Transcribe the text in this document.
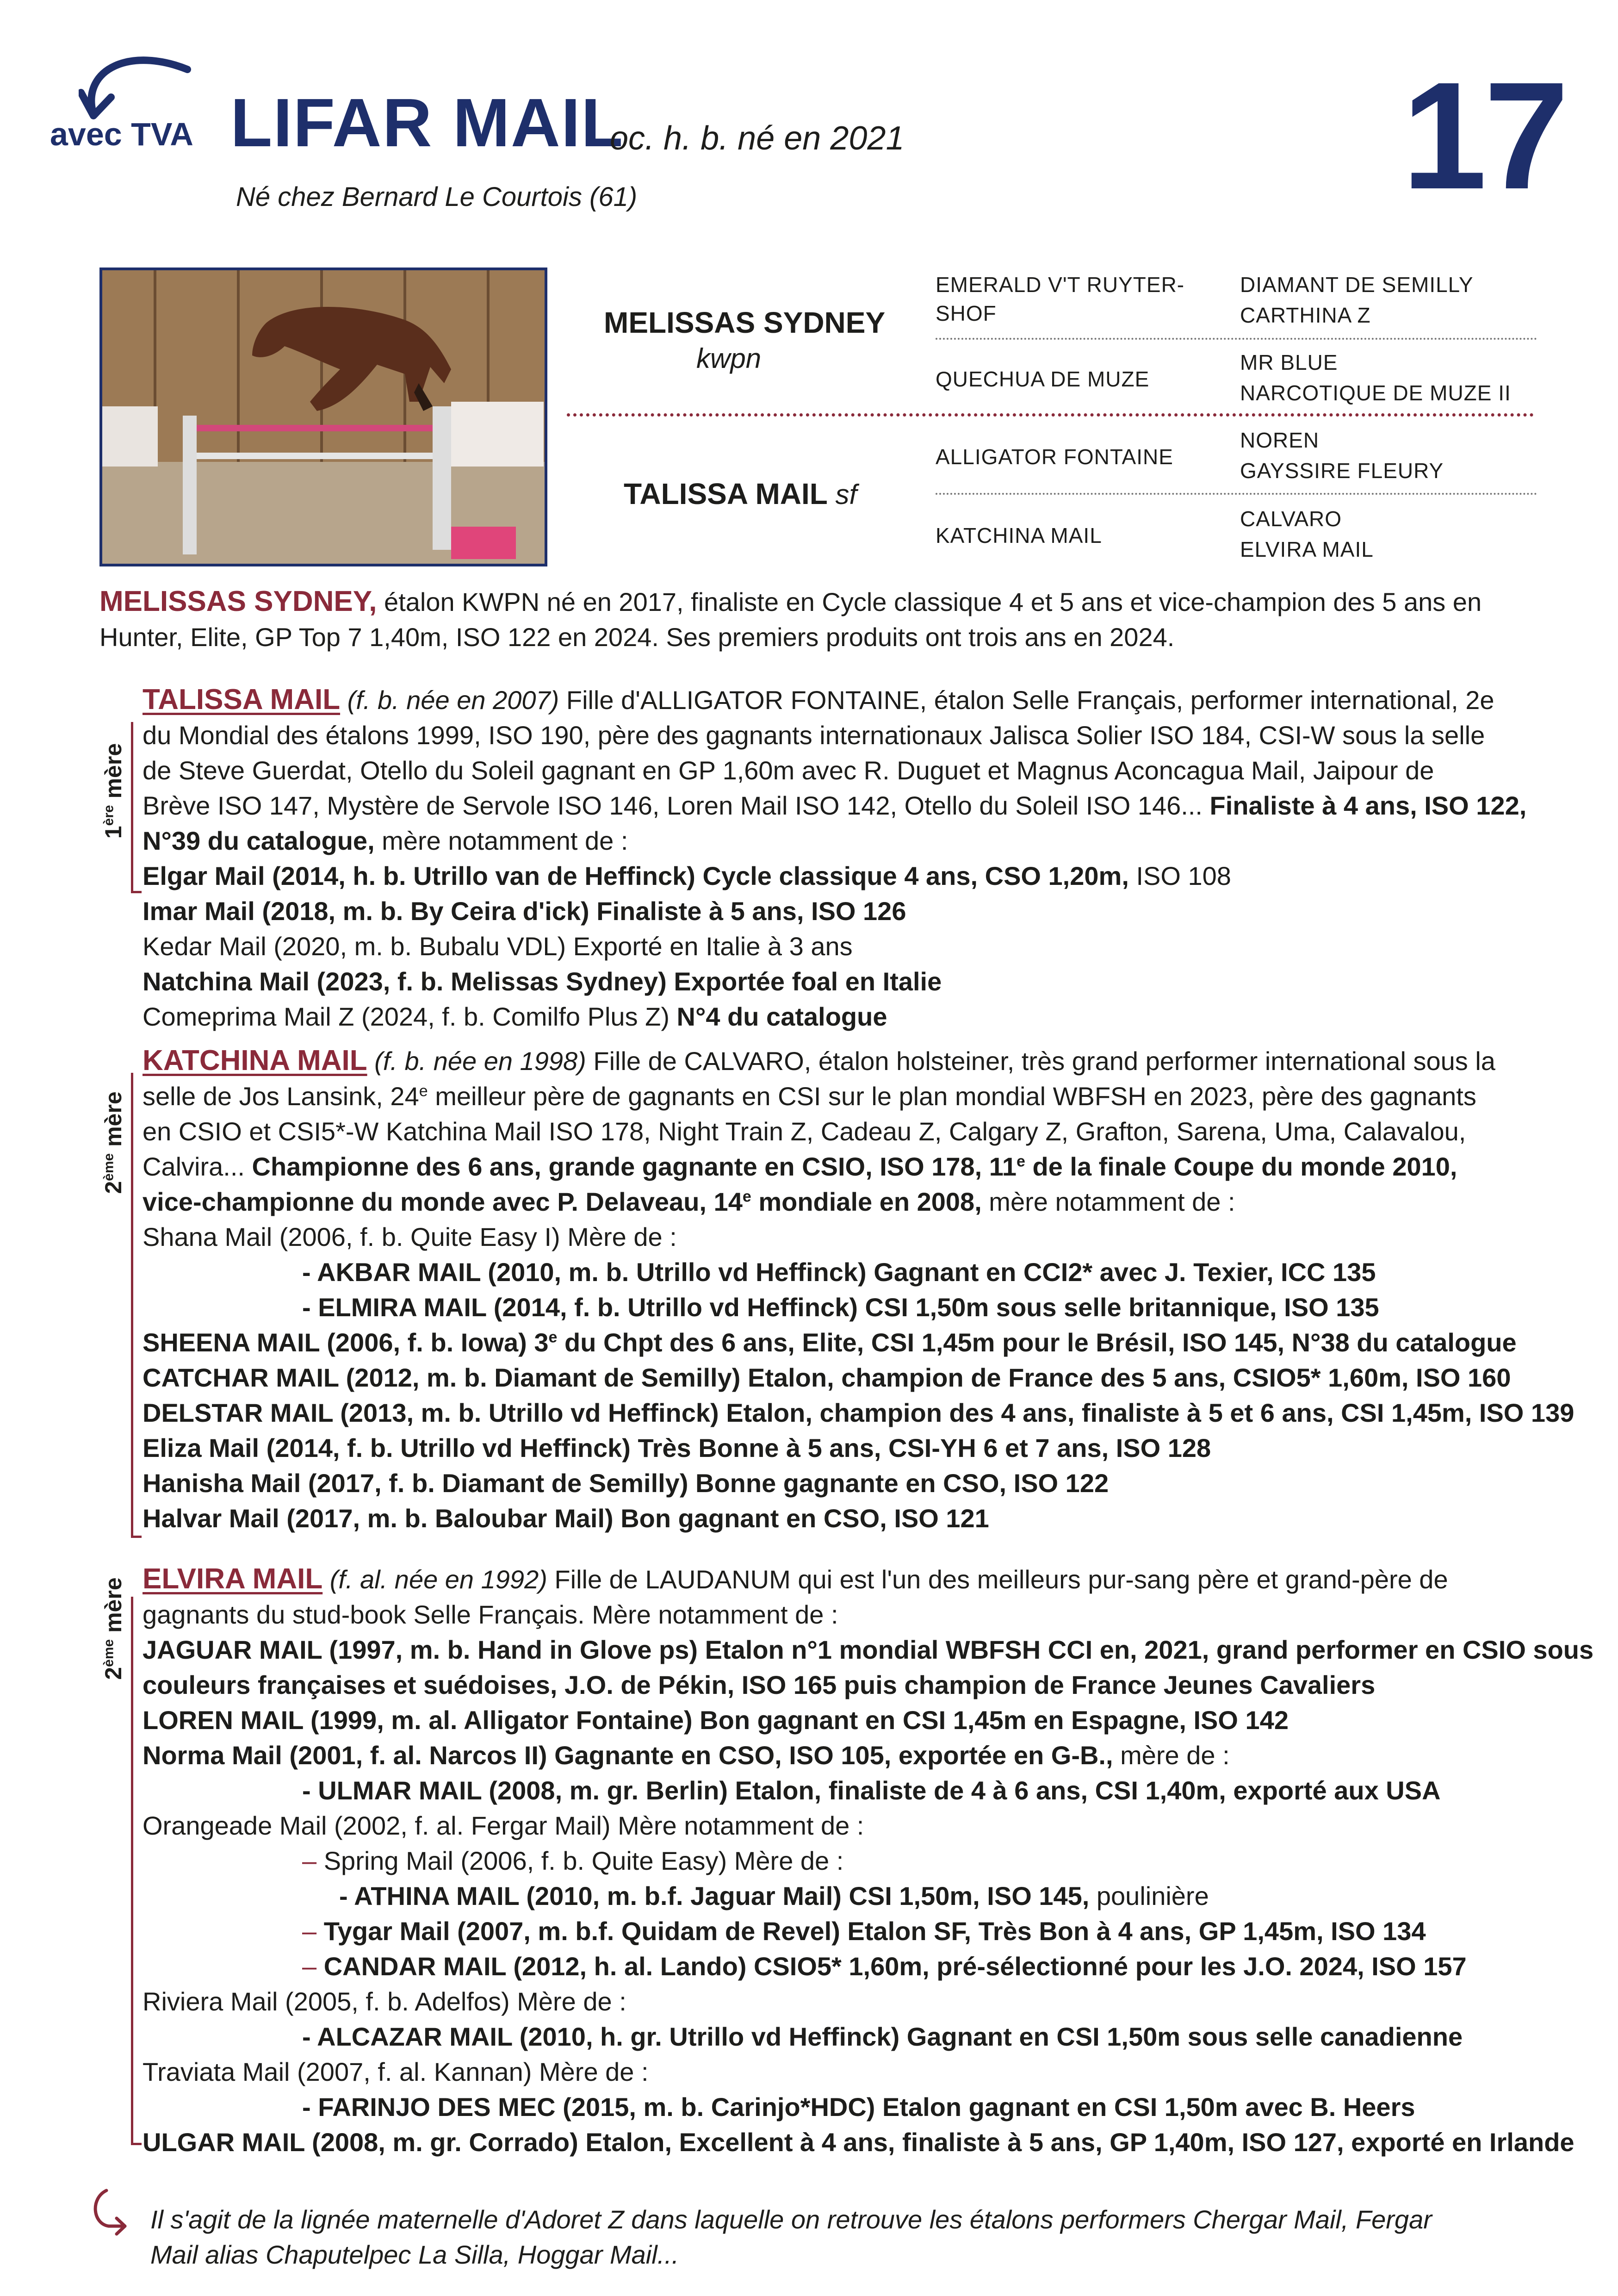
avec TVA LIFAR MAIL
oc. h. b. né en 2021
Né chez Bernard Le Courtois (61)	17
MELISSAS SYDNEY
kwpn
TALISSA MAIL sf
EMERALD V'T RUYTER-
SHOF
QUECHUA DE MUZE
ALLIGATOR FONTAINE
KATCHINA MAIL
DIAMANT DE SEMILLY
CARTHINA Z
MR BLUE
NARCOTIQUE DE MUZE II
NOREN
GAYSSIRE FLEURY
CALVARO
ELVIRA MAIL
MELISSAS SYDNEY, étalon KWPN né en 2017, finaliste en Cycle classique 4 et 5 ans et vice-champion des 5 ans en
Hunter, Elite, GP Top 7 1,40m, ISO 122 en 2024. Ses premiers produits ont trois ans en 2024.
1ère mère
TALISSA MAIL (f. b. née en 2007) Fille d'ALLIGATOR FONTAINE, étalon Selle Français, performer international, 2e
du Mondial des étalons 1999, ISO 190, père des gagnants internationaux Jalisca Solier ISO 184, CSI-W sous la selle
de Steve Guerdat, Otello du Soleil gagnant en GP 1,60m avec R. Duguet et Magnus Aconcagua Mail, Jaipour de
Brève ISO 147, Mystère de Servole ISO 146, Loren Mail ISO 142, Otello du Soleil ISO 146... Finaliste à 4 ans, ISO 122,
N°39 du catalogue, mère notamment de :
Elgar Mail (2014, h. b. Utrillo van de Heffinck) Cycle classique 4 ans, CSO 1,20m, ISO 108
Imar Mail (2018, m. b. By Ceira d'ick) Finaliste à 5 ans, ISO 126
Kedar Mail (2020, m. b. Bubalu VDL) Exporté en Italie à 3 ans
Natchina Mail (2023, f. b. Melissas Sydney) Exportée foal en Italie
Comeprima Mail Z (2024, f. b. Comilfo Plus Z) N°4 du catalogue
2ème mère
KATCHINA MAIL (f. b. née en 1998) Fille de CALVARO, étalon holsteiner, très grand performer international sous la
selle de Jos Lansink, 24e meilleur père de gagnants en CSI sur le plan mondial WBFSH en 2023, père des gagnants
en CSIO et CSI5*-W Katchina Mail ISO 178, Night Train Z, Cadeau Z, Calgary Z, Grafton, Sarena, Uma, Calavalou,
Calvira... Championne des 6 ans, grande gagnante en CSIO, ISO 178, 11e de la finale Coupe du monde 2010,
vice-championne du monde avec P. Delaveau, 14e mondiale en 2008, mère notamment de :
Shana Mail (2006, f. b. Quite Easy I) Mère de :
- AKBAR MAIL (2010, m. b. Utrillo vd Heffinck) Gagnant en CCI2* avec J. Texier, ICC 135
- ELMIRA MAIL (2014, f. b. Utrillo vd Heffinck) CSI 1,50m sous selle britannique, ISO 135
SHEENA MAIL (2006, f. b. Iowa) 3e du Chpt des 6 ans, Elite, CSI 1,45m pour le Brésil, ISO 145, N°38 du catalogue
CATCHAR MAIL (2012, m. b. Diamant de Semilly) Etalon, champion de France des 5 ans, CSIO5* 1,60m, ISO 160
DELSTAR MAIL (2013, m. b. Utrillo vd Heffinck) Etalon, champion des 4 ans, finaliste à 5 et 6 ans, CSI 1,45m, ISO 139
Eliza Mail (2014, f. b. Utrillo vd Heffinck) Très Bonne à 5 ans, CSI-YH 6 et 7 ans, ISO 128
Hanisha Mail (2017, f. b. Diamant de Semilly) Bonne gagnante en CSO, ISO 122
Halvar Mail (2017, m. b. Baloubar Mail) Bon gagnant en CSO, ISO 121
2ème mère ELVIRA MAIL (f. al. née en 1992) Fille de LAUDANUM qui est l'un des meilleurs pur-sang père et grand-père de
gagnants du stud-book Selle Français. Mère notamment de :
JAGUAR MAIL (1997, m. b. Hand in Glove ps) Etalon n°1 mondial WBFSH CCI en, 2021, grand performer en CSIO sous
couleurs françaises et suédoises, J.O. de Pékin, ISO 165 puis champion de France Jeunes Cavaliers
LOREN MAIL (1999, m. al. Alligator Fontaine) Bon gagnant en CSI 1,45m en Espagne, ISO 142
Norma Mail (2001, f. al. Narcos II) Gagnante en CSO, ISO 105, exportée en G-B., mère de :
- ULMAR MAIL (2008, m. gr. Berlin) Etalon, finaliste de 4 à 6 ans, CSI 1,40m, exporté aux USA
Orangeade Mail (2002, f. al. Fergar Mail) Mère notamment de :
– Spring Mail (2006, f. b. Quite Easy) Mère de :
- ATHINA MAIL (2010, m. b.f. Jaguar Mail) CSI 1,50m, ISO 145, poulinière
– Tygar Mail (2007, m. b.f. Quidam de Revel) Etalon SF, Très Bon à 4 ans, GP 1,45m, ISO 134
– CANDAR MAIL (2012, h. al. Lando) CSIO5* 1,60m, pré-sélectionné pour les J.O. 2024, ISO 157
Riviera Mail (2005, f. b. Adelfos) Mère de :
- ALCAZAR MAIL (2010, h. gr. Utrillo vd Heffinck) Gagnant en CSI 1,50m sous selle canadienne
Traviata Mail (2007, f. al. Kannan) Mère de :
- FARINJO DES MEC (2015, m. b. Carinjo*HDC) Etalon gagnant en CSI 1,50m avec B. Heers
ULGAR MAIL (2008, m. gr. Corrado) Etalon, Excellent à 4 ans, finaliste à 5 ans, GP 1,40m, ISO 127, exporté en Irlande
Il s'agit de la lignée maternelle d'Adoret Z dans laquelle on retrouve les étalons performers Chergar Mail, Fergar
Mail alias Chaputelpec La Silla, Hoggar Mail...
